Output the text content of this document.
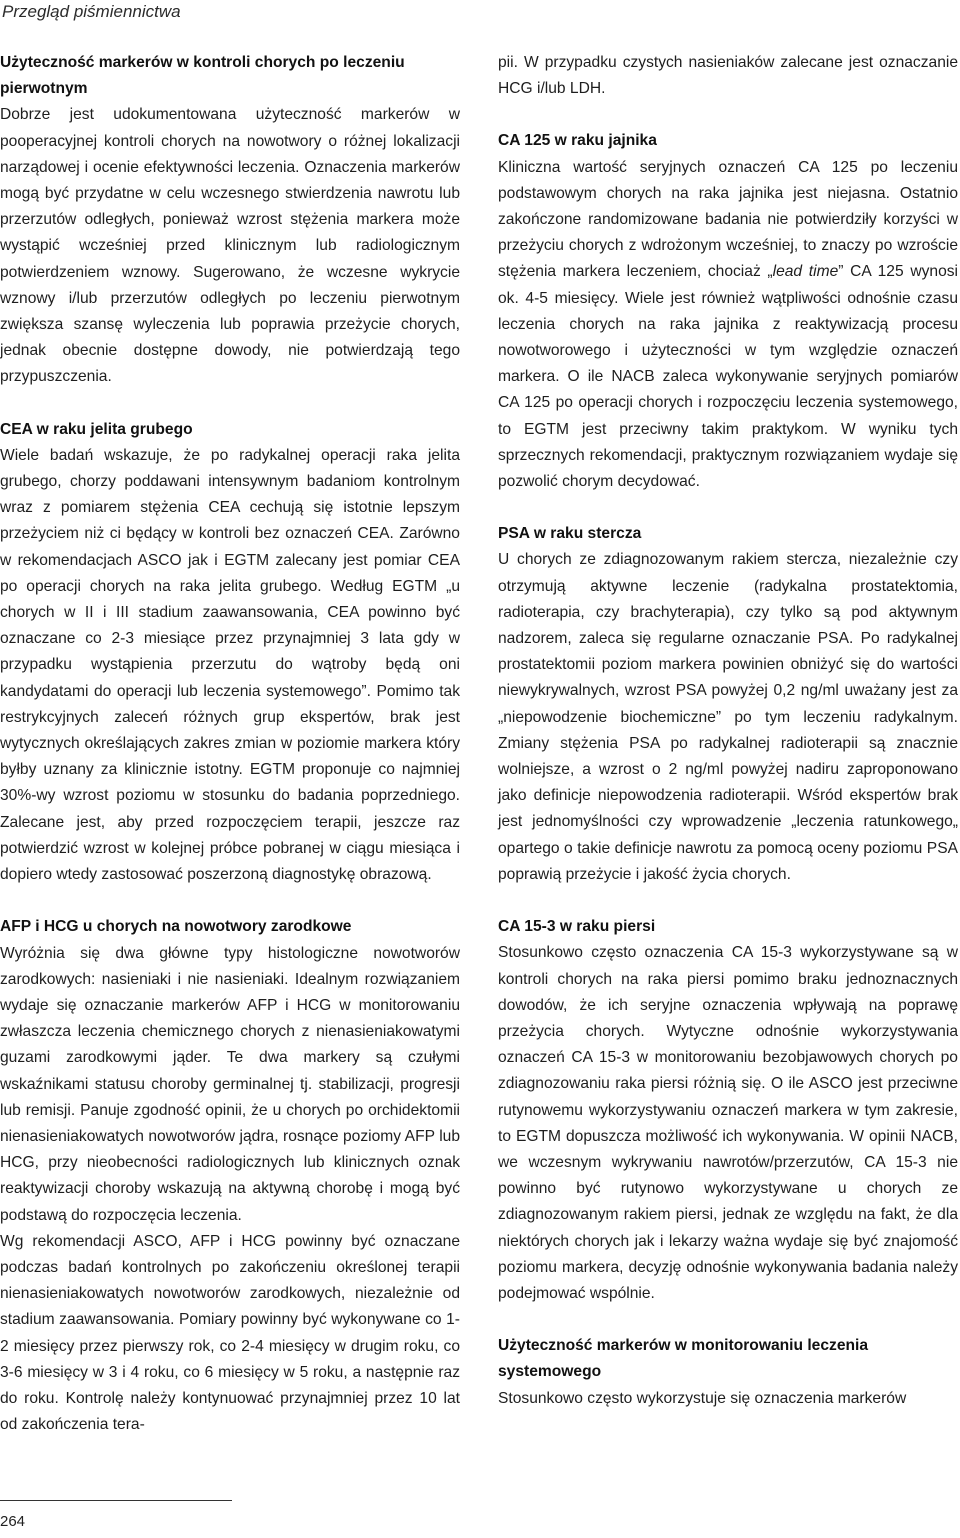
Przegląd piśmiennictwa

Użyteczność markerów w kontroli chorych po leczeniu pierwotnym

Dobrze jest udokumentowana użyteczność markerów w pooperacyjnej kontroli chorych na nowotwory o różnej lokalizacji narządowej i ocenie efektywności leczenia. Oznaczenia markerów mogą być przydatne w celu wczesnego stwierdzenia nawrotu lub przerzutów odległych, ponieważ wzrost stężenia markera może wystąpić wcześniej przed klinicznym lub radiologicznym potwierdzeniem wznowy. Sugerowano, że wczesne wykrycie wznowy i/lub przerzutów odległych po leczeniu pierwotnym zwiększa szansę wyleczenia lub poprawia przeżycie chorych, jednak obecnie dostępne dowody, nie potwierdzają tego przypuszczenia.

CEA w raku jelita grubego

Wiele badań wskazuje, że po radykalnej operacji raka jelita grubego, chorzy poddawani intensywnym badaniom kontrolnym wraz z pomiarem stężenia CEA cechują się istotnie lepszym przeżyciem niż ci będący w kontroli bez oznaczeń CEA. Zarówno w rekomendacjach ASCO jak i EGTM zalecany jest pomiar CEA po operacji chorych na raka jelita grubego. Według EGTM „u chorych w II i III stadium zaawansowania, CEA powinno być oznaczane co 2-3 miesiące przez przynajmniej 3 lata gdy w przypadku wystąpienia przerzutu do wątroby będą oni kandydatami do operacji lub leczenia systemowego”. Pomimo tak restrykcyjnych zaleceń różnych grup ekspertów, brak jest wytycznych określających zakres zmian w poziomie markera który byłby uznany za klinicznie istotny. EGTM proponuje co najmniej 30%-wy wzrost poziomu w stosunku do badania poprzedniego. Zalecane jest, aby przed rozpoczęciem terapii, jeszcze raz potwierdzić wzrost w kolejnej próbce pobranej w ciągu miesiąca i dopiero wtedy zastosować poszerzoną diagnostykę obrazową.

AFP i HCG u chorych na nowotwory zarodkowe

Wyróżnia się dwa główne typy histologiczne nowotworów zarodkowych: nasieniaki i nie nasieniaki. Idealnym rozwiązaniem wydaje się oznaczanie markerów AFP i HCG w monitorowaniu zwłaszcza leczenia chemicznego chorych z nienasieniakowatymi guzami zarodkowymi jąder. Te dwa markery są czułymi wskaźnikami statusu choroby germinalnej tj. stabilizacji, progresji lub remisji. Panuje zgodność opinii, że u chorych po orchidektomii nienasieniakowatych nowotworów jądra, rosnące poziomy AFP lub HCG, przy nieobecności radiologicznych lub klinicznych oznak reaktywizacji choroby wskazują na aktywną chorobę i mogą być podstawą do rozpoczęcia leczenia.

Wg rekomendacji ASCO, AFP i HCG powinny być oznaczane podczas badań kontrolnych po zakończeniu określonej terapii nienasieniakowatych nowotworów zarodkowych, niezależnie od stadium zaawansowania. Pomiary powinny być wykonywane co 1-2 miesięcy przez pierwszy rok, co 2-4 miesięcy w drugim roku, co 3-6 miesięcy w 3 i 4 roku, co 6 miesięcy w 5 roku, a następnie raz do roku. Kontrolę należy kontynuować przynajmniej przez 10 lat od zakończenia tera-

pii. W przypadku czystych nasieniaków zalecane jest oznaczanie HCG i/lub LDH.

CA 125 w raku jajnika

Kliniczna wartość seryjnych oznaczeń CA 125 po leczeniu podstawowym chorych na raka jajnika jest niejasna. Ostatnio zakończone randomizowane badania nie potwierdziły korzyści w przeżyciu chorych z wdrożonym wcześniej, to znaczy po wzroście stężenia markera leczeniem, chociaż „lead time” CA 125 wynosi ok. 4-5 miesięcy. Wiele jest również wątpliwości odnośnie czasu leczenia chorych na raka jajnika z reaktywizacją procesu nowotworowego i użyteczności w tym względzie oznaczeń markera. O ile NACB zaleca wykonywanie seryjnych pomiarów CA 125 po operacji chorych i rozpoczęciu leczenia systemowego, to EGTM jest przeciwny takim praktykom. W wyniku tych sprzecznych rekomendacji, praktycznym rozwiązaniem wydaje się pozwolić chorym decydować.

PSA w raku stercza

U chorych ze zdiagnozowanym rakiem stercza, niezależnie czy otrzymują aktywne leczenie (radykalna prostatektomia, radioterapia, czy brachyterapia), czy tylko są pod aktywnym nadzorem, zaleca się regularne oznaczanie PSA. Po radykalnej prostatektomii poziom markera powinien obniżyć się do wartości niewykrywalnych, wzrost PSA powyżej 0,2 ng/ml uważany jest za „niepowodzenie biochemiczne” po tym leczeniu radykalnym. Zmiany stężenia PSA po radykalnej radioterapii są znacznie wolniejsze, a wzrost o 2 ng/ml powyżej nadiru zaproponowano jako definicje niepowodzenia radioterapii. Wśród ekspertów brak jest jednomyślności czy wprowadzenie „leczenia ratunkowego„ opartego o takie definicje nawrotu za pomocą oceny poziomu PSA poprawią przeżycie i jakość życia chorych.

CA 15-3 w raku piersi

Stosunkowo często oznaczenia CA 15-3 wykorzystywane są w kontroli chorych na raka piersi pomimo braku jednoznacznych dowodów, że ich seryjne oznaczenia wpływają na poprawę przeżycia chorych. Wytyczne odnośnie wykorzystywania oznaczeń CA 15-3 w monitorowaniu bezobjawowych chorych po zdiagnozowaniu raka piersi różnią się. O ile ASCO jest przeciwne rutynowemu wykorzystywaniu oznaczeń markera w tym zakresie, to EGTM dopuszcza możliwość ich wykonywania. W opinii NACB, we wczesnym wykrywaniu nawrotów/przerzutów, CA 15-3 nie powinno być rutynowo wykorzystywane u chorych ze zdiagnozowanym rakiem piersi, jednak ze względu na fakt, że dla niektórych chorych jak i lekarzy ważna wydaje się być znajomość poziomu markera, decyzję odnośnie wykonywania badania należy podejmować wspólnie.

Użyteczność markerów w monitorowaniu leczenia systemowego

Stosunkowo często wykorzystuje się oznaczenia markerów

264
